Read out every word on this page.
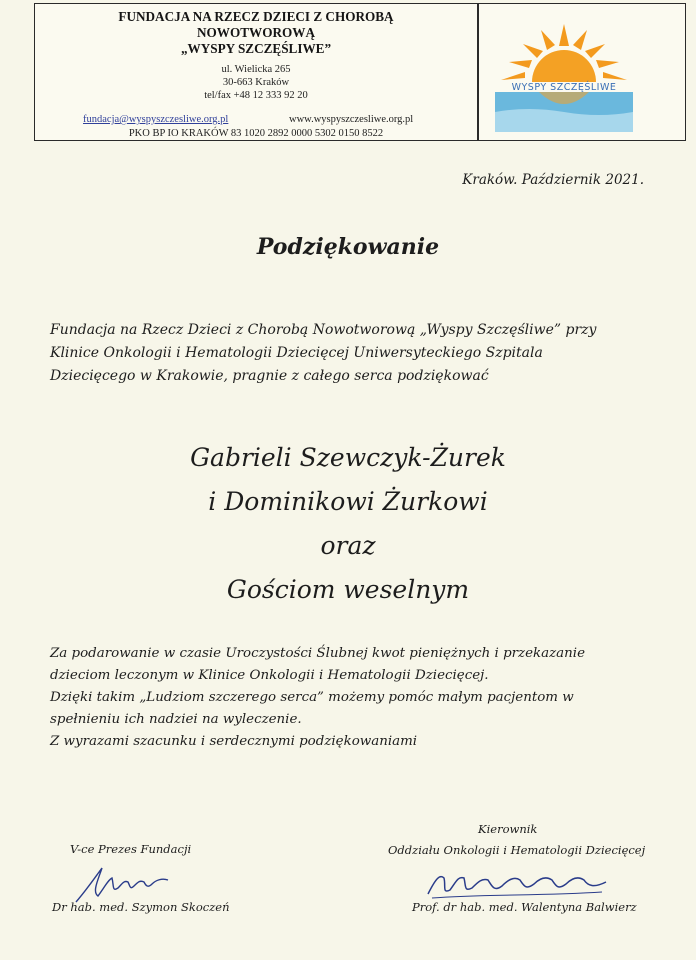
FUNDACJA NA RZECZ DZIECI Z CHOROBĄ
NOWOTWOROWĄ
„WYSPY SZCZĘŚLIWE”
ul. Wielicka 265
30-663 Kraków
tel/fax +48 12 333 92 20
fundacja@wyspyszczesliwe.org.pl	www.wyspyszczesliwe.org.pl
PKO BP IO KRAKÓW 83 1020 2892 0000 5302 0150 8522
WYSPY SZCZĘŚLIWE
Kraków. Październik 2021.
Podziękowanie
Fundacja na Rzecz Dzieci z Chorobą Nowotworową „Wyspy Szczęśliwe” przy
Klinice Onkologii i Hematologii Dziecięcej Uniwersyteckiego Szpitala
Dziecięcego w Krakowie, pragnie z całego serca podziękować
Gabrieli Szewczyk-Żurek
i Dominikowi Żurkowi
oraz
Gościom weselnym
Za podarowanie w czasie Uroczystości Ślubnej kwot pieniężnych i przekazanie
dzieciom leczonym w Klinice Onkologii i Hematologii Dziecięcej.
Dzięki takim „Ludziom szczerego serca” możemy pomóc małym pacjentom w
spełnieniu ich nadziei na wyleczenie.
Z wyrazami szacunku i serdecznymi podziękowaniami
V-ce Prezes Fundacji
Dr hab. med. Szymon Skoczeń
Kierownik
Oddziału Onkologii i Hematologii Dziecięcej
Prof. dr hab. med. Walentyna Balwierz
